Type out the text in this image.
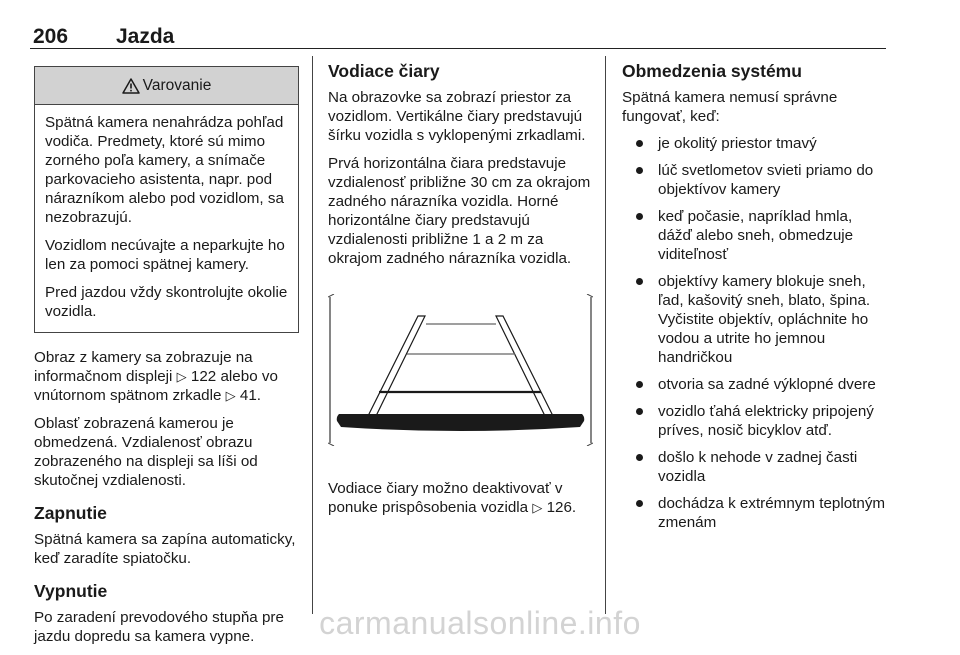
206 Jazda
Varovanie

Spätná kamera nenahrádza pohľad vodiča. Predmety, ktoré sú mimo zorného poľa kamery, a snímače parkovacieho asistenta, napr. pod nárazníkom alebo pod vozidlom, sa nezobrazujú.

Vozidlom necúvajte a neparkujte ho len za pomoci spätnej kamery.

Pred jazdou vždy skontrolujte okolie vozidla.

Obraz z kamery sa zobrazuje na informačnom displeji ▷ 122 alebo vo vnútornom spätnom zrkadle ▷ 41.

Oblasť zobrazená kamerou je obmedzená. Vzdialenosť obrazu zobrazeného na displeji sa líši od skutočnej vzdialenosti.

Zapnutie

Spätná kamera sa zapína automaticky, keď zaradíte spiatočku.

Vypnutie

Po zaradení prevodového stupňa pre jazdu dopredu sa kamera vypne.

Vodiace čiary

Na obrazovke sa zobrazí priestor za vozidlom. Vertikálne čiary predstavujú šírku vozidla s vyklopenými zrkadlami.

Prvá horizontálna čiara predstavuje vzdialenosť približne 30 cm za okrajom zadného nárazníka vozidla. Horné horizontálne čiary predstavujú vzdialenosti približne 1 a 2 m za okrajom zadného nárazníka vozidla.

Vodiace čiary možno deaktivovať v ponuke prispôsobenia vozidla ▷ 126.

Obmedzenia systému

Spätná kamera nemusí správne fungovať, keď:

je okolitý priestor tmavý
lúč svetlometov svieti priamo do objektívov kamery
keď počasie, napríklad hmla, dážď alebo sneh, obmedzuje viditeľnosť
objektívy kamery blokuje sneh, ľad, kašovitý sneh, blato, špina. Vyčistite objektív, opláchnite ho vodou a utrite ho jemnou handričkou
otvoria sa zadné výklopné dvere
vozidlo ťahá elektricky pripojený príves, nosič bicyklov atď.
došlo k nehode v zadnej časti vozidla
dochádza k extrémnym teplotným zmenám
carmanualsonline.info
